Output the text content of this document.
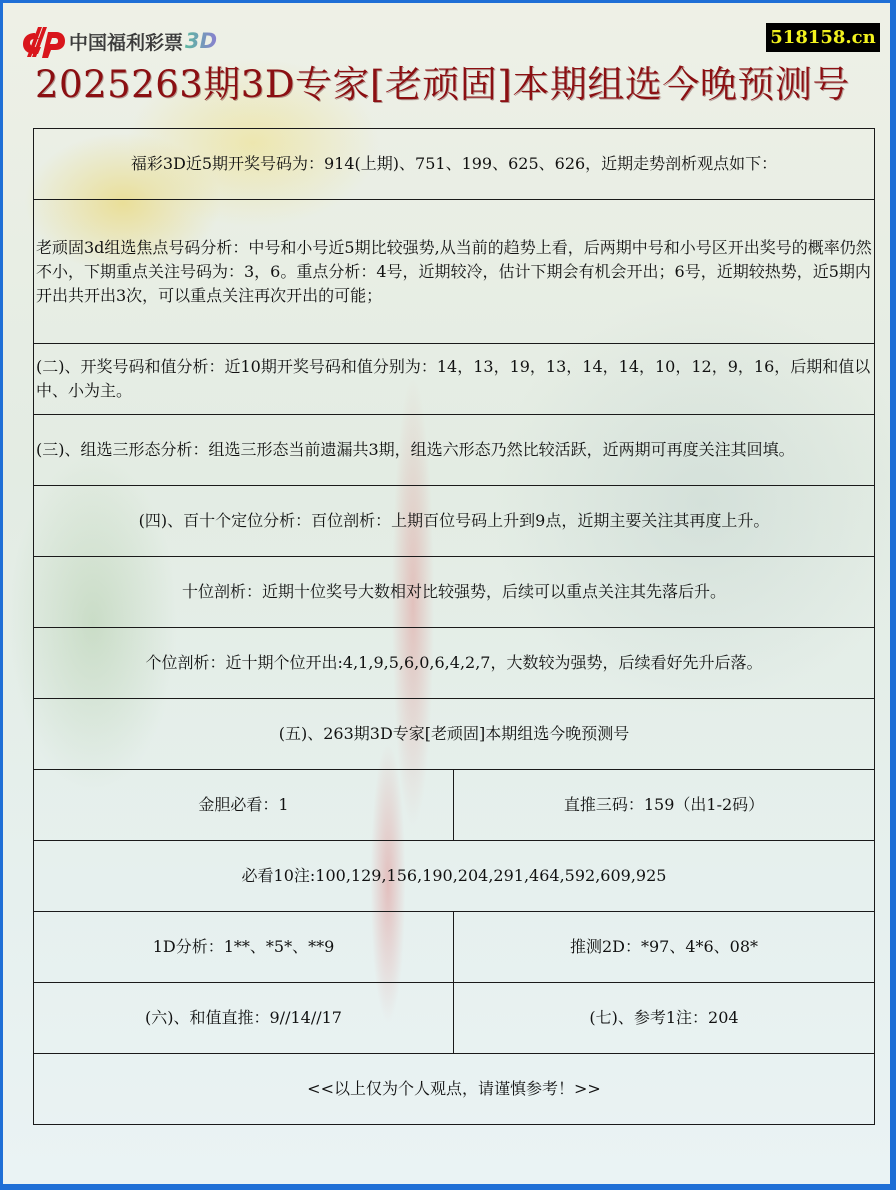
中国福利彩票 3D	518158.cn
2025263期3D专家[老顽固]本期组选今晚预测号
福彩3D近5期开奖号码为：914(上期)、751、199、625、626，近期走势剖析观点如下：	
老顽固3d组选焦点号码分析：中号和小号近5期比较强势,从当前的趋势上看，后两期中号和小号区开出奖号的概率仍然不小，下期重点关注号码为：3，6。重点分析：4号，近期较冷，估计下期会有机会开出；6号，近期较热势，近5期内开出共开出3次，可以重点关注再次开出的可能；	
(二)、开奖号码和值分析：近10期开奖号码和值分别为：14，13，19，13，14，14，10，12，9，16，后期和值以中、小为主。	
(三)、组选三形态分析：组选三形态当前遗漏共3期，组选六形态乃然比较活跃，近两期可再度关注其回填。	
(四)、百十个定位分析：百位剖析：上期百位号码上升到9点，近期主要关注其再度上升。	
十位剖析：近期十位奖号大数相对比较强势，后续可以重点关注其先落后升。	
个位剖析：近十期个位开出:4,1,9,5,6,0,6,4,2,7，大数较为强势，后续看好先升后落。	
(五)、263期3D专家[老顽固]本期组选今晚预测号	
金胆必看：1	直推三码：159（出1-2码）
必看10注:100,129,156,190,204,291,464,592,609,925	
1D分析：1**、*5*、**9	推测2D：*97、4*6、08*
(六)、和值直推：9//14//17	(七)、参考1注：204
<<以上仅为个人观点，请谨慎参考！>>	
